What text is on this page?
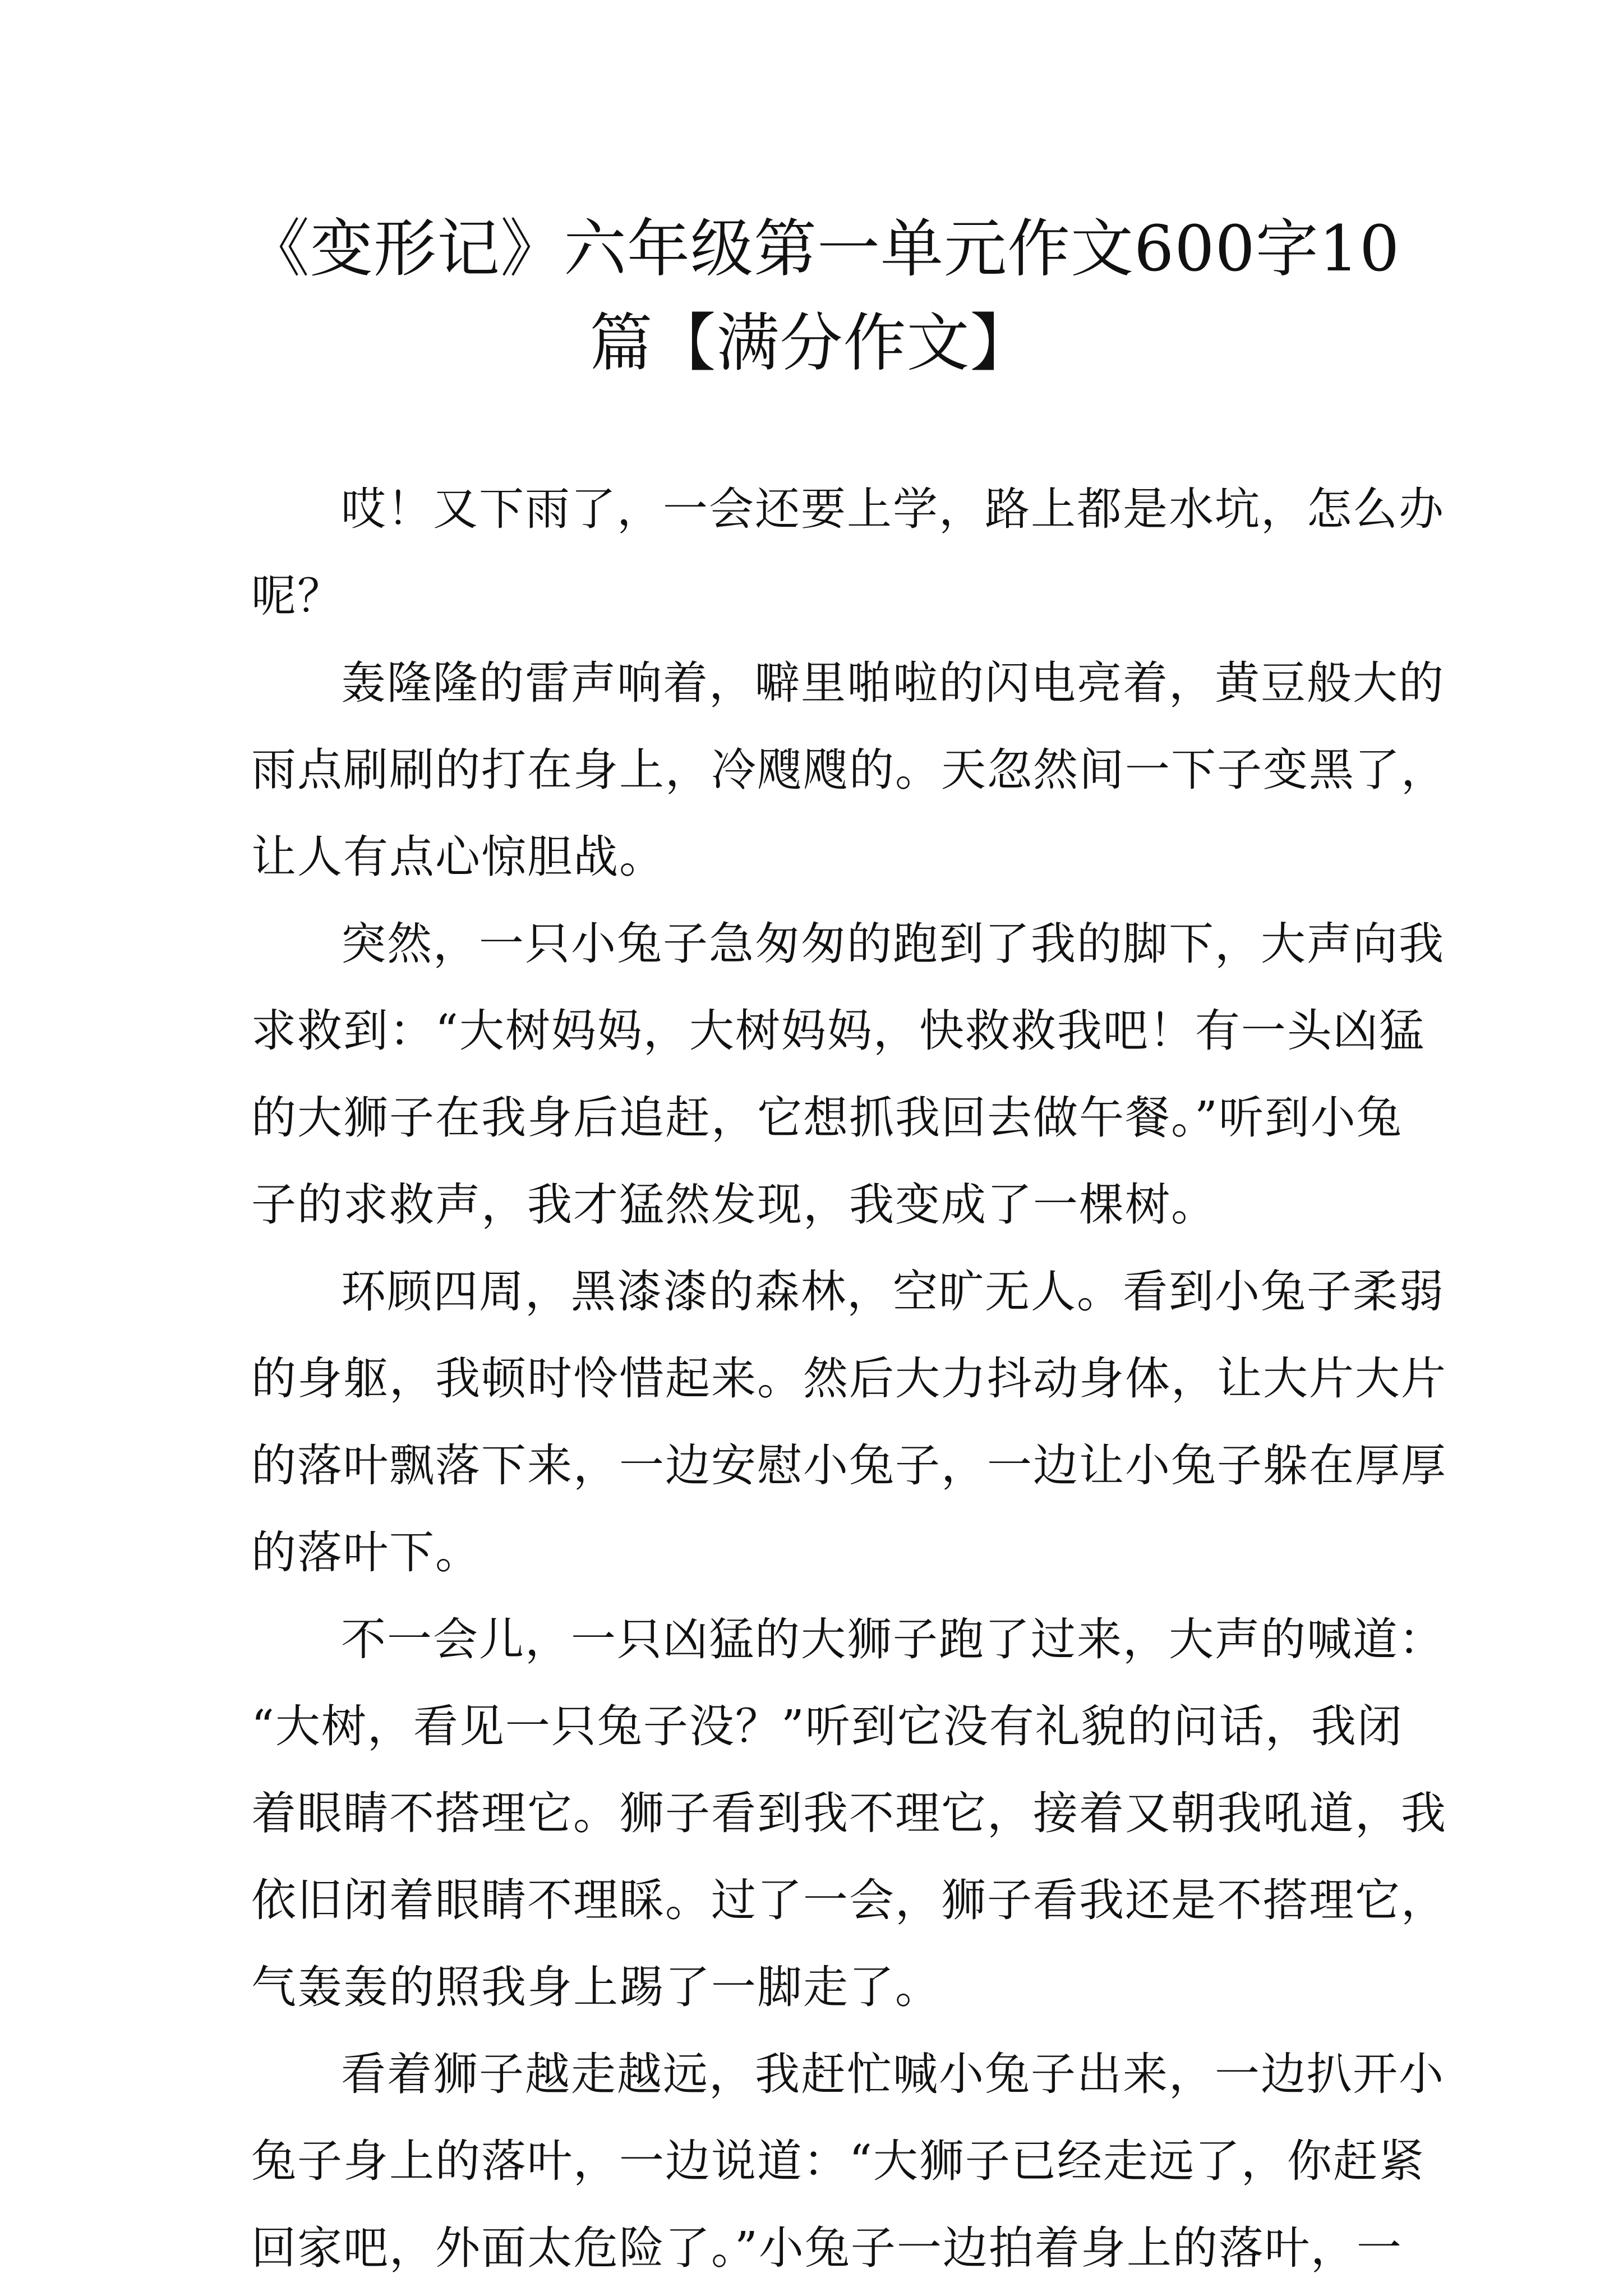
《变形记》六年级第一单元作文600字10
篇【满分作文】

哎！又下雨了，一会还要上学，路上都是水坑，怎么办
呢？

轰隆隆的雷声响着，噼里啪啦的闪电亮着，黄豆般大的
雨点刷刷的打在身上，冷飕飕的。天忽然间一下子变黑了，
让人有点心惊胆战。

突然，一只小兔子急匆匆的跑到了我的脚下，大声向我
求救到：“大树妈妈，大树妈妈，快救救我吧！有一头凶猛
的大狮子在我身后追赶，它想抓我回去做午餐。”听到小兔
子的求救声，我才猛然发现，我变成了一棵树。

环顾四周，黑漆漆的森林，空旷无人。看到小兔子柔弱
的身躯，我顿时怜惜起来。然后大力抖动身体，让大片大片
的落叶飘落下来，一边安慰小兔子，一边让小兔子躲在厚厚
的落叶下。

不一会儿，一只凶猛的大狮子跑了过来，大声的喊道：
“大树，看见一只兔子没？”听到它没有礼貌的问话，我闭
着眼睛不搭理它。狮子看到我不理它，接着又朝我吼道，我
依旧闭着眼睛不理睬。过了一会，狮子看我还是不搭理它，
气轰轰的照我身上踢了一脚走了。

看着狮子越走越远，我赶忙喊小兔子出来，一边扒开小
兔子身上的落叶，一边说道：“大狮子已经走远了，你赶紧
回家吧，外面太危险了。”小兔子一边拍着身上的落叶，一
